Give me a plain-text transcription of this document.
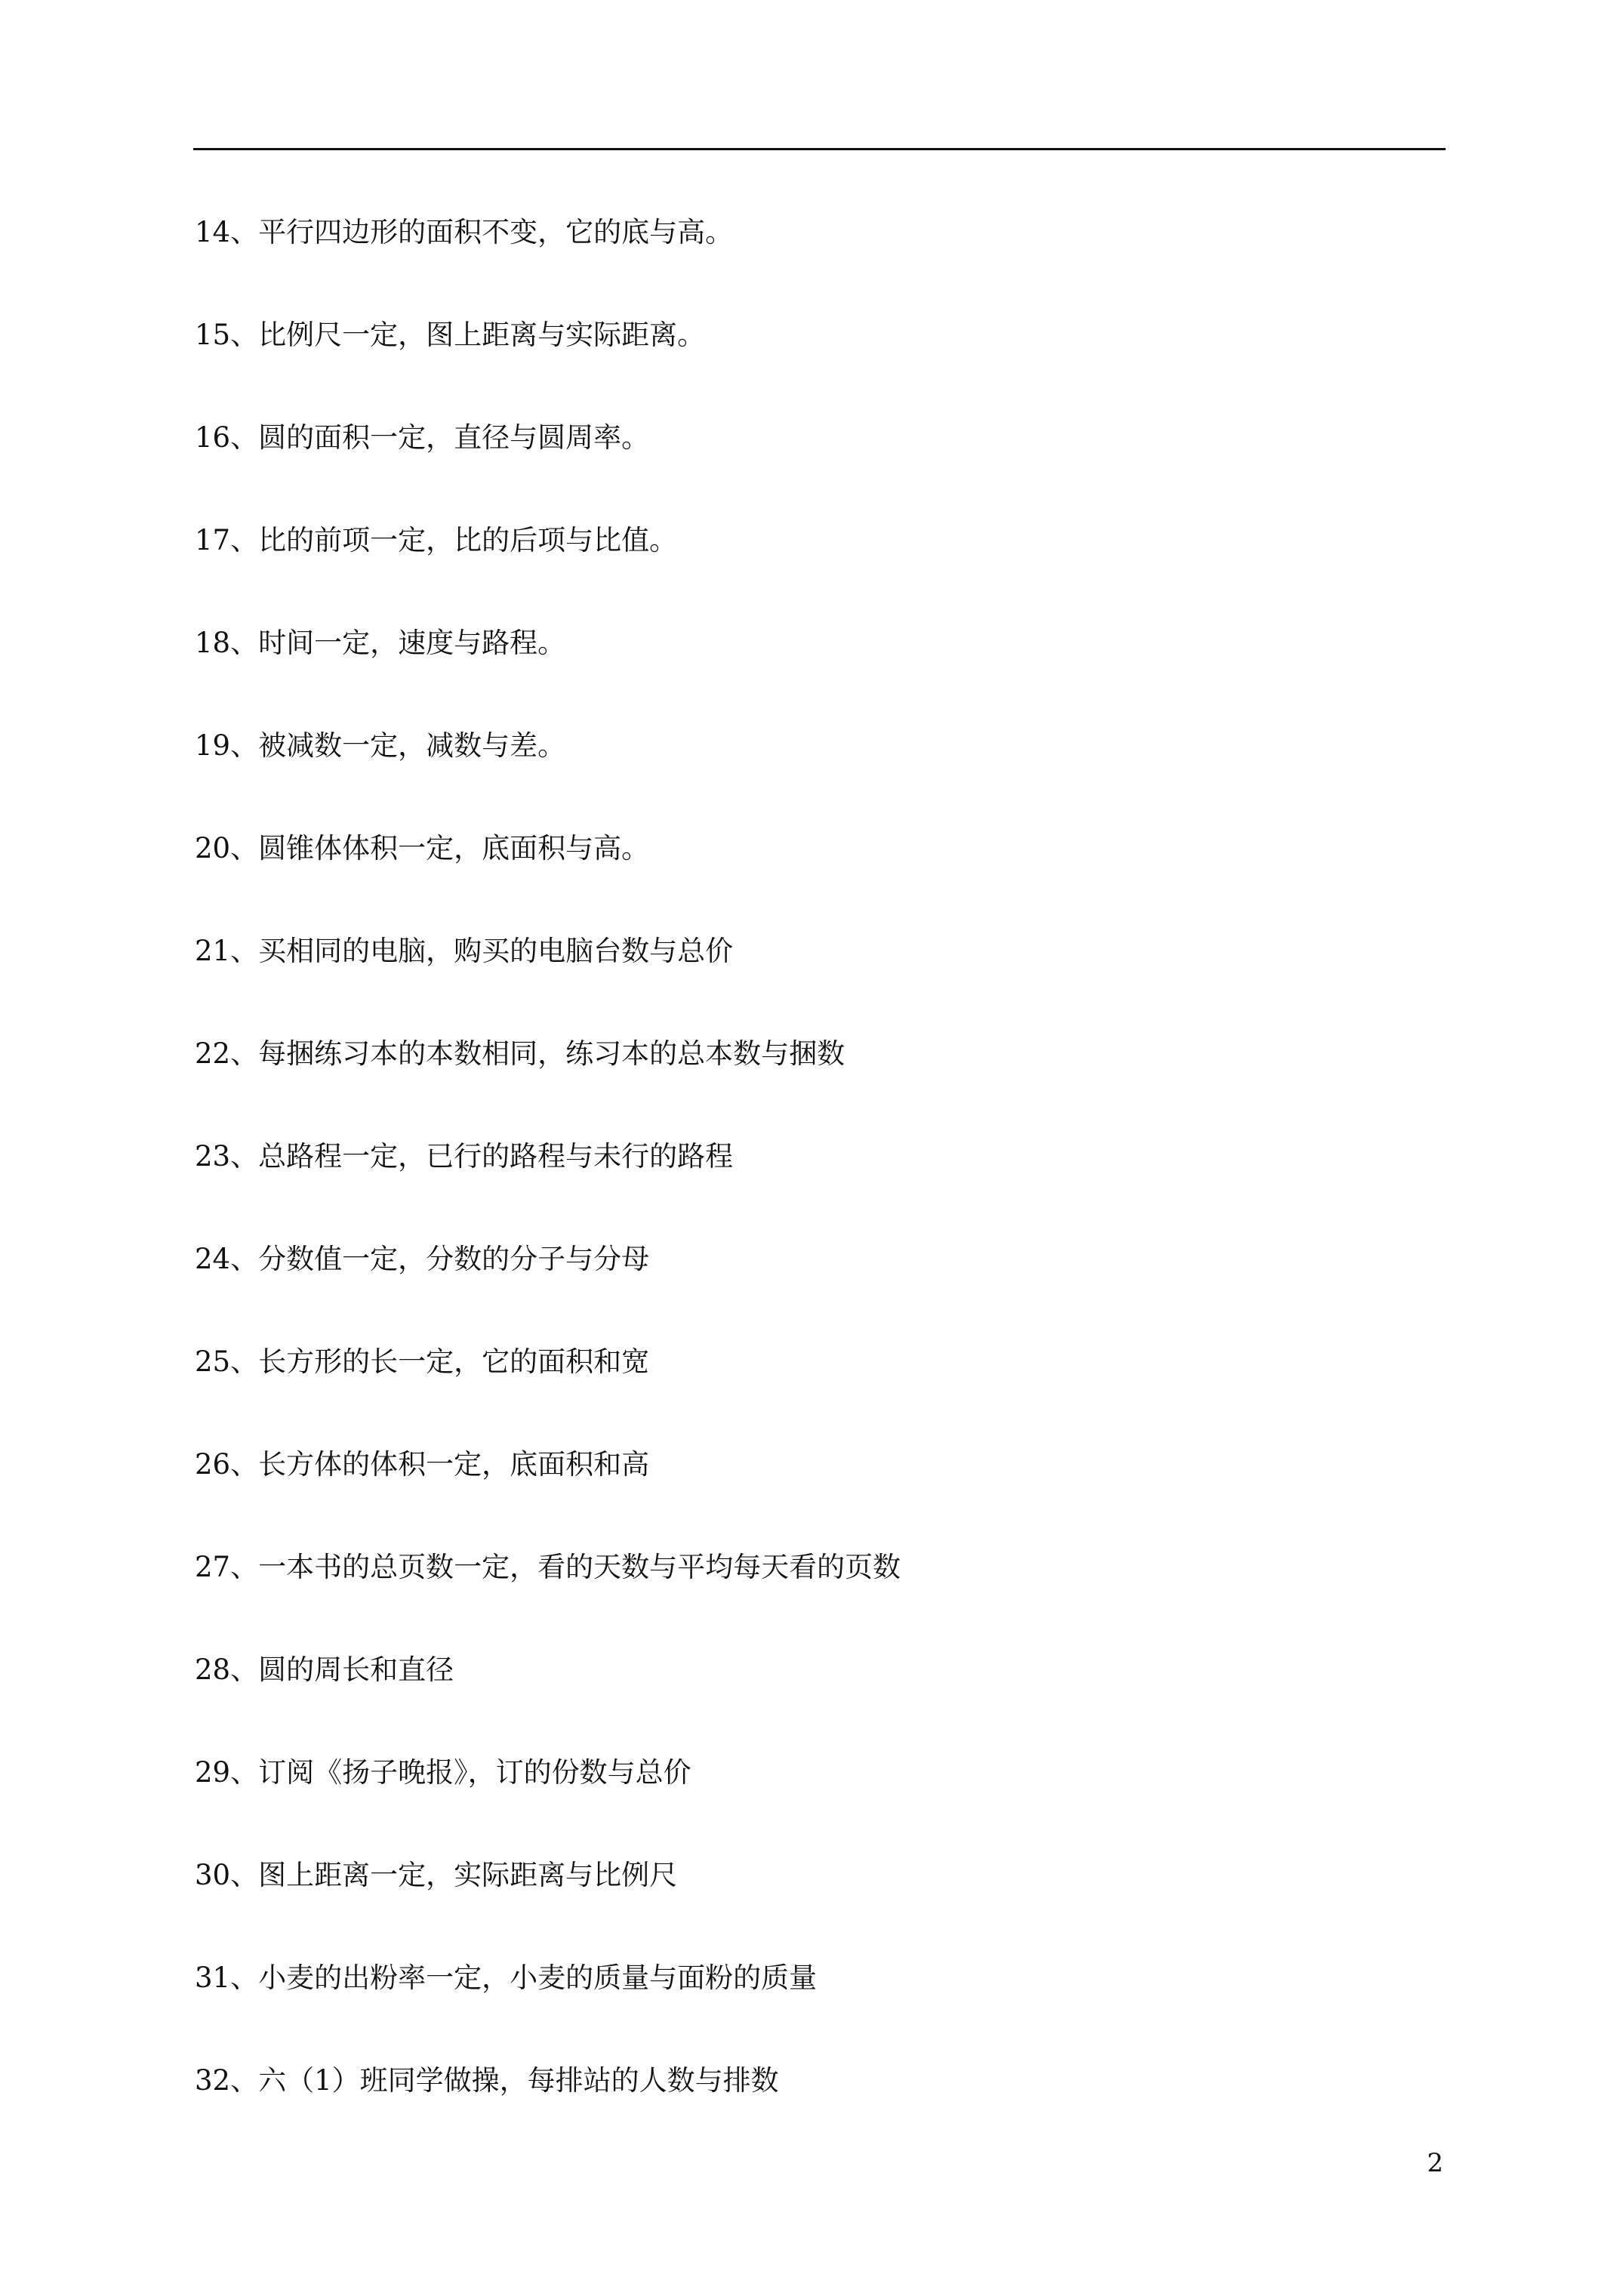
14、平行四边形的面积不变，它的底与高。
15、比例尺一定，图上距离与实际距离。
16、圆的面积一定，直径与圆周率。
17、比的前项一定，比的后项与比值。
18、时间一定，速度与路程。
19、被减数一定，减数与差。
20、圆锥体体积一定，底面积与高。
21、买相同的电脑，购买的电脑台数与总价
22、每捆练习本的本数相同，练习本的总本数与捆数
23、总路程一定，已行的路程与未行的路程
24、分数值一定，分数的分子与分母
25、长方形的长一定，它的面积和宽
26、长方体的体积一定，底面积和高
27、一本书的总页数一定，看的天数与平均每天看的页数
28、圆的周长和直径
29、订阅《扬子晚报》，订的份数与总价
30、图上距离一定，实际距离与比例尺
31、小麦的出粉率一定，小麦的质量与面粉的质量
32、六（1）班同学做操，每排站的人数与排数
2
